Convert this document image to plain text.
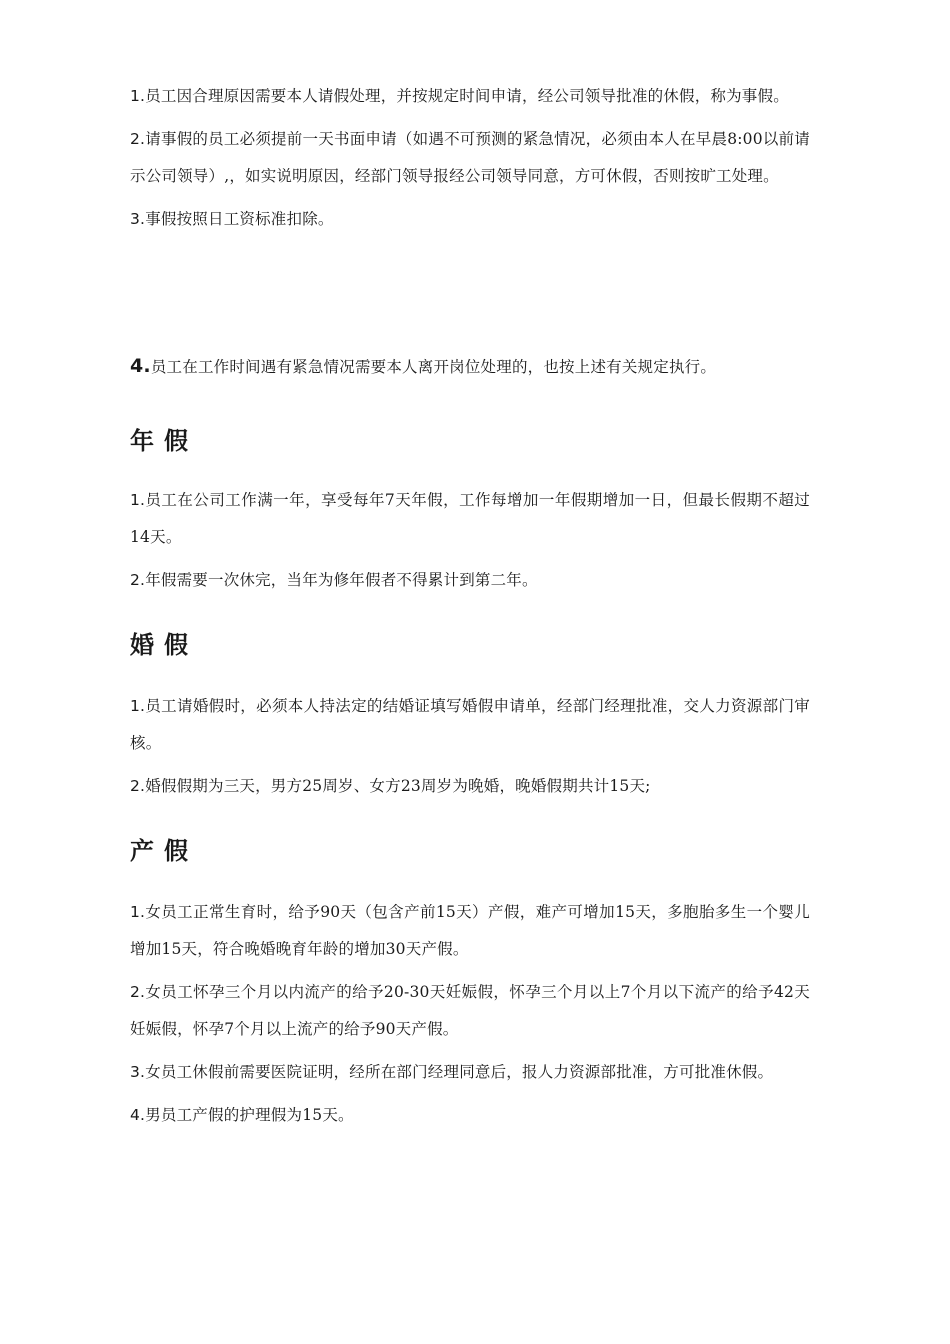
1.员工因合理原因需要本人请假处理，并按规定时间申请，经公司领导批准的休假，称为事假。

2.请事假的员工必须提前一天书面申请（如遇不可预测的紧急情况，必须由本人在早晨8:00以前请示公司领导）,，如实说明原因，经部门领导报经公司领导同意，方可休假，否则按旷工处理。

3.事假按照日工资标准扣除。

4.员工在工作时间遇有紧急情况需要本人离开岗位处理的，也按上述有关规定执行。

年假

1.员工在公司工作满一年，享受每年7天年假，工作每增加一年假期增加一日，但最长假期不超过14天。

2.年假需要一次休完，当年为修年假者不得累计到第二年。

婚假

1.员工请婚假时，必须本人持法定的结婚证填写婚假申请单，经部门经理批准，交人力资源部门审核。

2.婚假假期为三天，男方25周岁、女方23周岁为晚婚，晚婚假期共计15天;

产假

1.女员工正常生育时，给予90天（包含产前15天）产假，难产可增加15天，多胞胎多生一个婴儿增加15天，符合晚婚晚育年龄的增加30天产假。

2.女员工怀孕三个月以内流产的给予20-30天妊娠假，怀孕三个月以上7个月以下流产的给予42天妊娠假，怀孕7个月以上流产的给予90天产假。

3.女员工休假前需要医院证明，经所在部门经理同意后，报人力资源部批准，方可批准休假。

4.男员工产假的护理假为15天。
